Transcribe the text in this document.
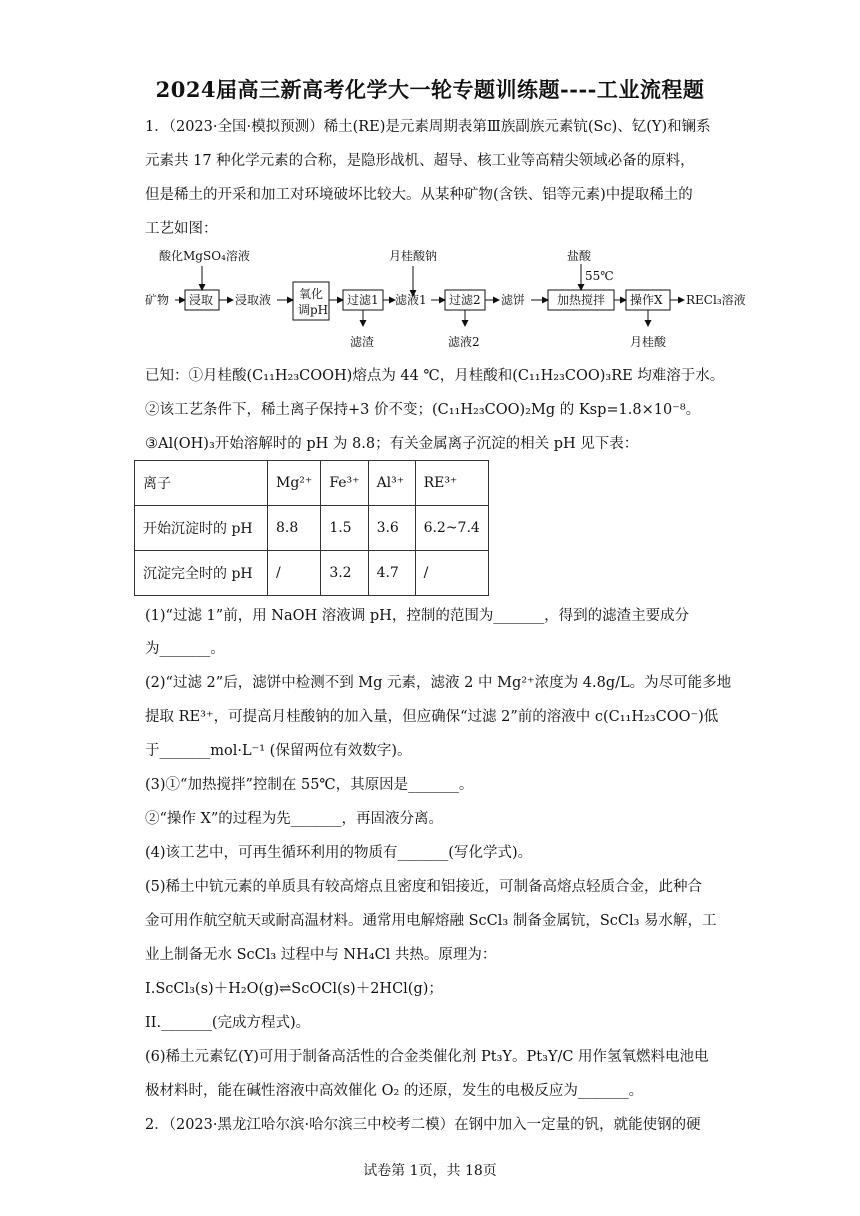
2024届高三新高考化学大一轮专题训练题----工业流程题
1．（2023·全国·模拟预测）稀土(RE)是元素周期表第Ⅲ族副族元素钪(Sc)、钇(Y)和镧系
元素共 17 种化学元素的合称，是隐形战机、超导、核工业等高精尖领域必备的原料，
但是稀土的开采和加工对环境破坏比较大。从某种矿物(含铁、铝等元素)中提取稀土的
工艺如图：
酸化MgSO₄溶液
矿物 浸取 浸取液 氧化
调pH
过滤1 滤液1
月桂酸钠
过滤2 滤饼
盐酸
55℃
加热搅拌 操作X RECl₃溶液
滤渣	滤液2	月桂酸
已知：①月桂酸(C₁₁H₂₃COOH)熔点为 44 ℃，月桂酸和(C₁₁H₂₃COO)₃RE 均难溶于水。
②该工艺条件下，稀土离子保持+3 价不变；(C₁₁H₂₃COO)₂Mg 的 Ksp=1.8×10⁻⁸。
③Al(OH)₃开始溶解时的 pH 为 8.8；有关金属离子沉淀的相关 pH 见下表：
离子	Mg²⁺	Fe³⁺	Al³⁺	RE³⁺
开始沉淀时的 pH	8.8	1.5	3.6	6.2~7.4
沉淀完全时的 pH	/	3.2	4.7	/
(1)“过滤 1”前，用 NaOH 溶液调 pH，控制的范围为_______，得到的滤渣主要成分
为_______。
(2)“过滤 2”后，滤饼中检测不到 Mg 元素，滤液 2 中 Mg²⁺浓度为 4.8g/L。为尽可能多地
提取 RE³⁺，可提高月桂酸钠的加入量，但应确保“过滤 2”前的溶液中 c(C₁₁H₂₃COO⁻)低
于_______mol·L⁻¹ (保留两位有效数字)。
(3)①“加热搅拌”控制在 55℃，其原因是_______。
②“操作 X”的过程为先_______，再固液分离。
(4)该工艺中，可再生循环利用的物质有_______(写化学式)。
(5)稀土中钪元素的单质具有较高熔点且密度和铝接近，可制备高熔点轻质合金，此种合
金可用作航空航天或耐高温材料。通常用电解熔融 ScCl₃ 制备金属钪，ScCl₃ 易水解，工
业上制备无水 ScCl₃ 过程中与 NH₄Cl 共热。原理为：
I.ScCl₃(s)＋H₂O(g)⇌ScOCl(s)＋2HCl(g)；
II._______(完成方程式)。
(6)稀土元素钇(Y)可用于制备高活性的合金类催化剂 Pt₃Y。Pt₃Y/C 用作氢氧燃料电池电
极材料时，能在碱性溶液中高效催化 O₂ 的还原，发生的电极反应为_______。
2．（2023·黑龙江哈尔滨·哈尔滨三中校考二模）在钢中加入一定量的钒，就能使钢的硬
试卷第 1页，共 18页
